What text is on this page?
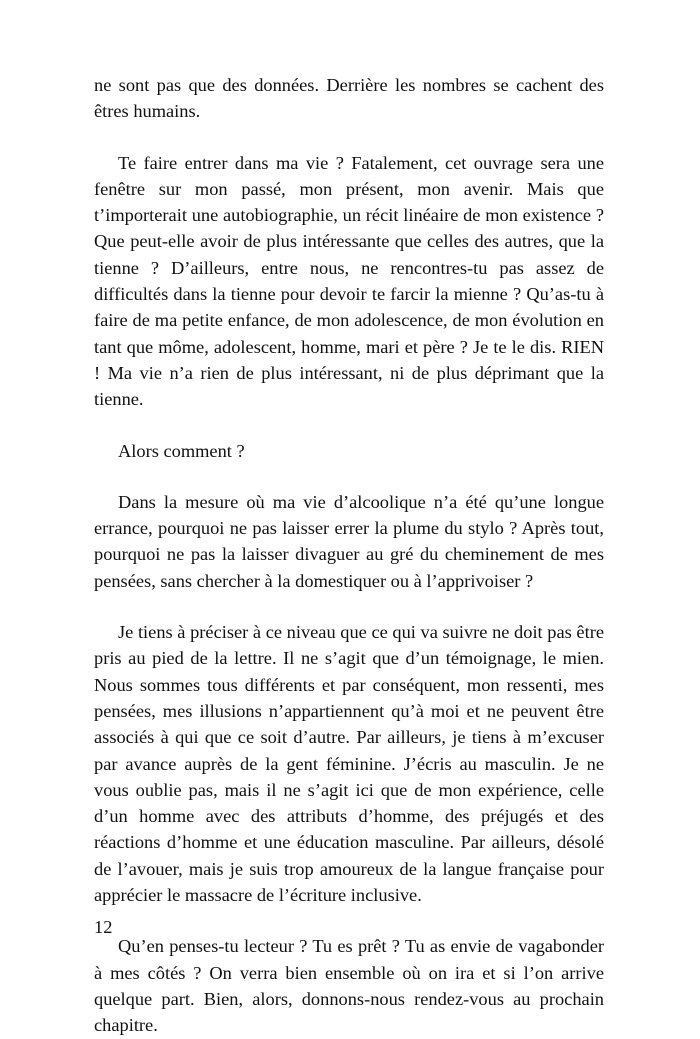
ne sont pas que des données. Derrière les nombres se cachent des êtres humains.

Te faire entrer dans ma vie ? Fatalement, cet ouvrage sera une fenêtre sur mon passé, mon présent, mon avenir. Mais que t’importerait une autobiographie, un récit linéaire de mon existence ? Que peut-elle avoir de plus intéressante que celles des autres, que la tienne ? D’ailleurs, entre nous, ne rencontres-tu pas assez de difficultés dans la tienne pour devoir te farcir la mienne ? Qu’as-tu à faire de ma petite enfance, de mon adolescence, de mon évolution en tant que môme, adolescent, homme, mari et père ? Je te le dis. RIEN ! Ma vie n’a rien de plus intéressant, ni de plus déprimant que la tienne.

Alors comment ?

Dans la mesure où ma vie d’alcoolique n’a été qu’une longue errance, pourquoi ne pas laisser errer la plume du stylo ? Après tout, pourquoi ne pas la laisser divaguer au gré du cheminement de mes pensées, sans chercher à la domestiquer ou à l’apprivoiser ?

Je tiens à préciser à ce niveau que ce qui va suivre ne doit pas être pris au pied de la lettre. Il ne s’agit que d’un témoignage, le mien. Nous sommes tous différents et par conséquent, mon ressenti, mes pensées, mes illusions n’appartiennent qu’à moi et ne peuvent être associés à qui que ce soit d’autre. Par ailleurs, je tiens à m’excuser par avance auprès de la gent féminine. J’écris au masculin. Je ne vous oublie pas, mais il ne s’agit ici que de mon expérience, celle d’un homme avec des attributs d’homme, des préjugés et des réactions d’homme et une éducation masculine. Par ailleurs, désolé de l’avouer, mais je suis trop amoureux de la langue française pour apprécier le massacre de l’écriture inclusive.

Qu’en penses-tu lecteur ? Tu es prêt ? Tu as envie de vagabonder à mes côtés ? On verra bien ensemble où on ira et si l’on arrive quelque part. Bien, alors, donnons-nous rendez-vous au prochain chapitre.

12
